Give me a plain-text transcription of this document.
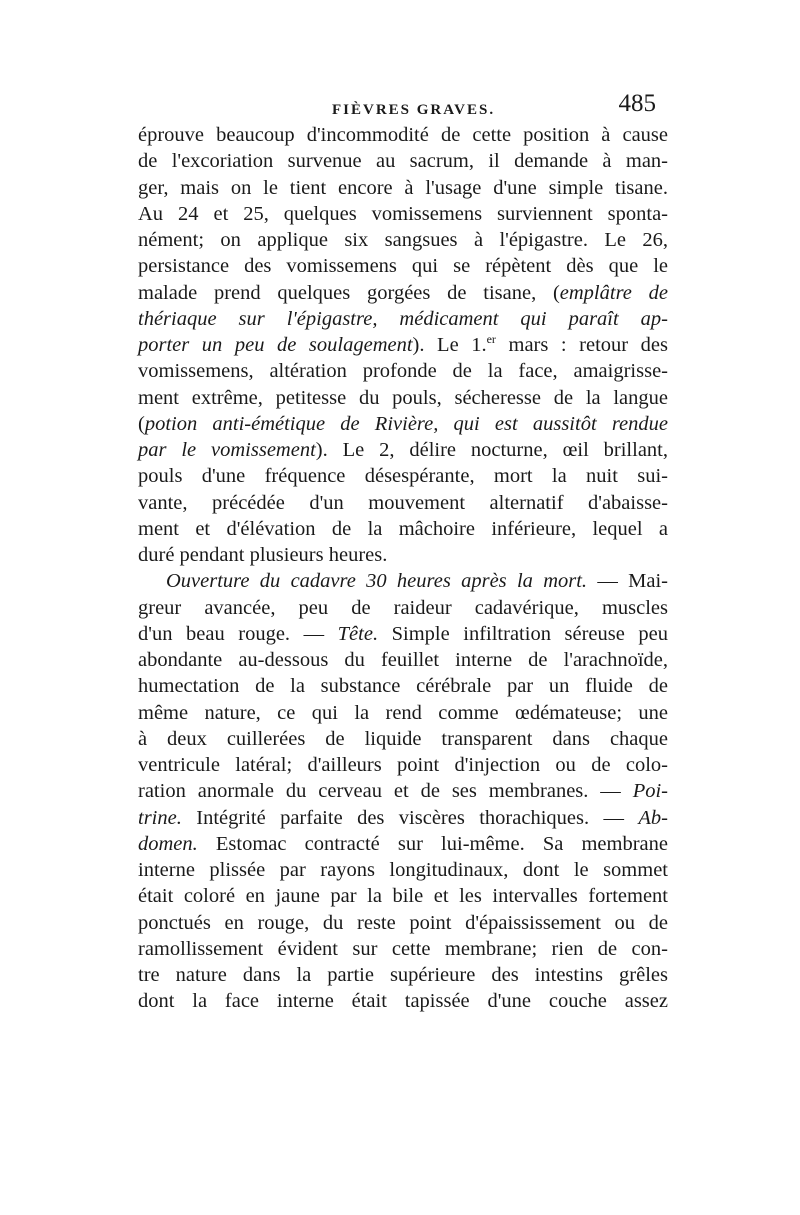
FIÈVRES GRAVES.	485
éprouve beaucoup d'incommodité de cette position à cause
de l'excoriation survenue au sacrum, il demande à man-
ger, mais on le tient encore à l'usage d'une simple tisane.
Au 24 et 25, quelques vomissemens surviennent sponta-
nément; on applique six sangsues à l'épigastre. Le 26,
persistance des vomissemens qui se répètent dès que le
malade prend quelques gorgées de tisane, (emplâtre de
thériaque sur l'épigastre, médicament qui paraît ap-
porter un peu de soulagement). Le 1.$^{er}$ mars : retour des
vomissemens, altération profonde de la face, amaigrisse-
ment extrême, petitesse du pouls, sécheresse de la langue
(potion anti-émétique de Rivière, qui est aussitôt rendue
par le vomissement). Le 2, délire nocturne, œil brillant,
pouls d'une fréquence désespérante, mort la nuit sui-
vante, précédée d'un mouvement alternatif d'abaisse-
ment et d'élévation de la mâchoire inférieure, lequel a
duré pendant plusieurs heures.
Ouverture du cadavre 30 heures après la mort. — Mai-
greur avancée, peu de raideur cadavérique, muscles
d'un beau rouge. — Tête. Simple infiltration séreuse peu
abondante au-dessous du feuillet interne de l'arachnoïde,
humectation de la substance cérébrale par un fluide de
même nature, ce qui la rend comme œdémateuse; une
à deux cuillerées de liquide transparent dans chaque
ventricule latéral; d'ailleurs point d'injection ou de colo-
ration anormale du cerveau et de ses membranes. — Poi-
trine. Intégrité parfaite des viscères thorachiques. — Ab-
domen. Estomac contracté sur lui-même. Sa membrane
interne plissée par rayons longitudinaux, dont le sommet
était coloré en jaune par la bile et les intervalles fortement
ponctués en rouge, du reste point d'épaississement ou de
ramollissement évident sur cette membrane; rien de con-
tre nature dans la partie supérieure des intestins grêles
dont la face interne était tapissée d'une couche assez
